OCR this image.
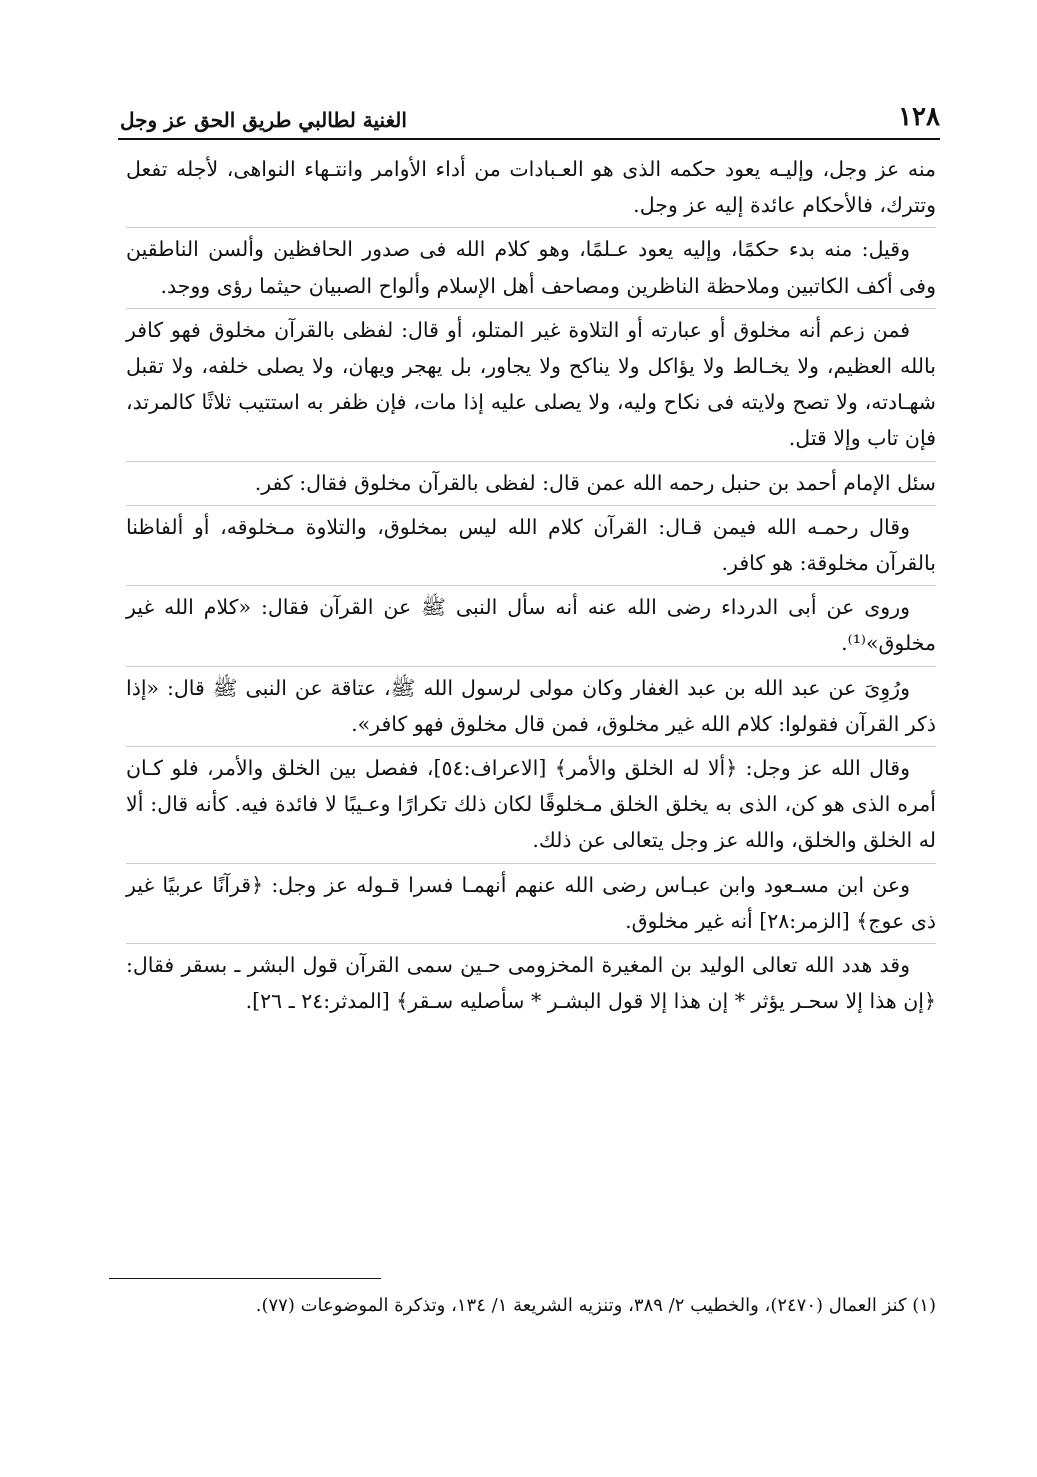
١٢٨
الغنية لطالبي طريق الحق عز وجل

منه عز وجل، وإليـه يعود حكمه الذى هو العـبادات من أداء الأوامر وانتـهاء النواهى، لأجله تفعل وتترك، فالأحكام عائدة إليه عز وجل.

وقيل: منه بدء حكمًا، وإليه يعود عـلمًا، وهو كلام الله فى صدور الحافظين وألسن الناطقين وفى أكف الكاتبين وملاحظة الناظرين ومصاحف أهل الإسلام وألواح الصبيان حيثما رؤى ووجد.

فمن زعم أنه مخلوق أو عبارته أو التلاوة غير المتلو، أو قال: لفظى بالقرآن مخلوق فهو كافر بالله العظيم، ولا يخـالط ولا يؤاكل ولا يناكح ولا يجاور، بل يهجر ويهان، ولا يصلى خلفه، ولا تقبل شهـادته، ولا تصح ولايته فى نكاح وليه، ولا يصلى عليه إذا مات، فإن ظفر به استتيب ثلاثًا كالمرتد، فإن تاب وإلا قتل.

سئل الإمام أحمد بن حنبل رحمه الله عمن قال: لفظى بالقرآن مخلوق فقال: كفر.

وقال رحمـه الله فيمن قـال: القرآن كلام الله ليس بمخلوق، والتلاوة مـخلوقه، أو ألفاظنا بالقرآن مخلوقة: هو كافر.

وروى عن أبى الدرداء رضى الله عنه أنه سأل النبى ﷺ عن القرآن فقال: «كلام الله غير مخلوق»⁽¹⁾.

ورُوِىَ عن عبد الله بن عبد الغفار وكان مولى لرسول الله ﷺ، عتاقة عن النبى ﷺ قال: «إذا ذكر القرآن فقولوا: كلام الله غير مخلوق، فمن قال مخلوق فهو كافر».

وقال الله عز وجل: ﴿ألا له الخلق والأمر﴾ [الاعراف:٥٤]، ففصل بين الخلق والأمر، فلو كـان أمره الذى هو كن، الذى به يخلق الخلق مـخلوقًا لكان ذلك تكرارًا وعـيبًا لا فائدة فيه. كأنه قال: ألا له الخلق والخلق، والله عز وجل يتعالى عن ذلك.

وعن ابن مسـعود وابن عبـاس رضى الله عنهم أنهمـا فسرا قـوله عز وجل: ﴿قرآنًا عربيًا غير ذى عوج﴾ [الزمر:٢٨] أنه غير مخلوق.

وقد هدد الله تعالى الوليد بن المغيرة المخزومى حـين سمى القرآن قول البشر ـ بسقر فقال: ﴿إن هذا إلا سحـر يؤثر * إن هذا إلا قول البشـر * سأصليه سـقر﴾ [المدثر:٢٤ ـ ٢٦].

(١) كنز العمال (٢٤٧٠)، والخطيب ٢/ ٣٨٩، وتنزيه الشريعة ١/ ١٣٤، وتذكرة الموضوعات (٧٧).
